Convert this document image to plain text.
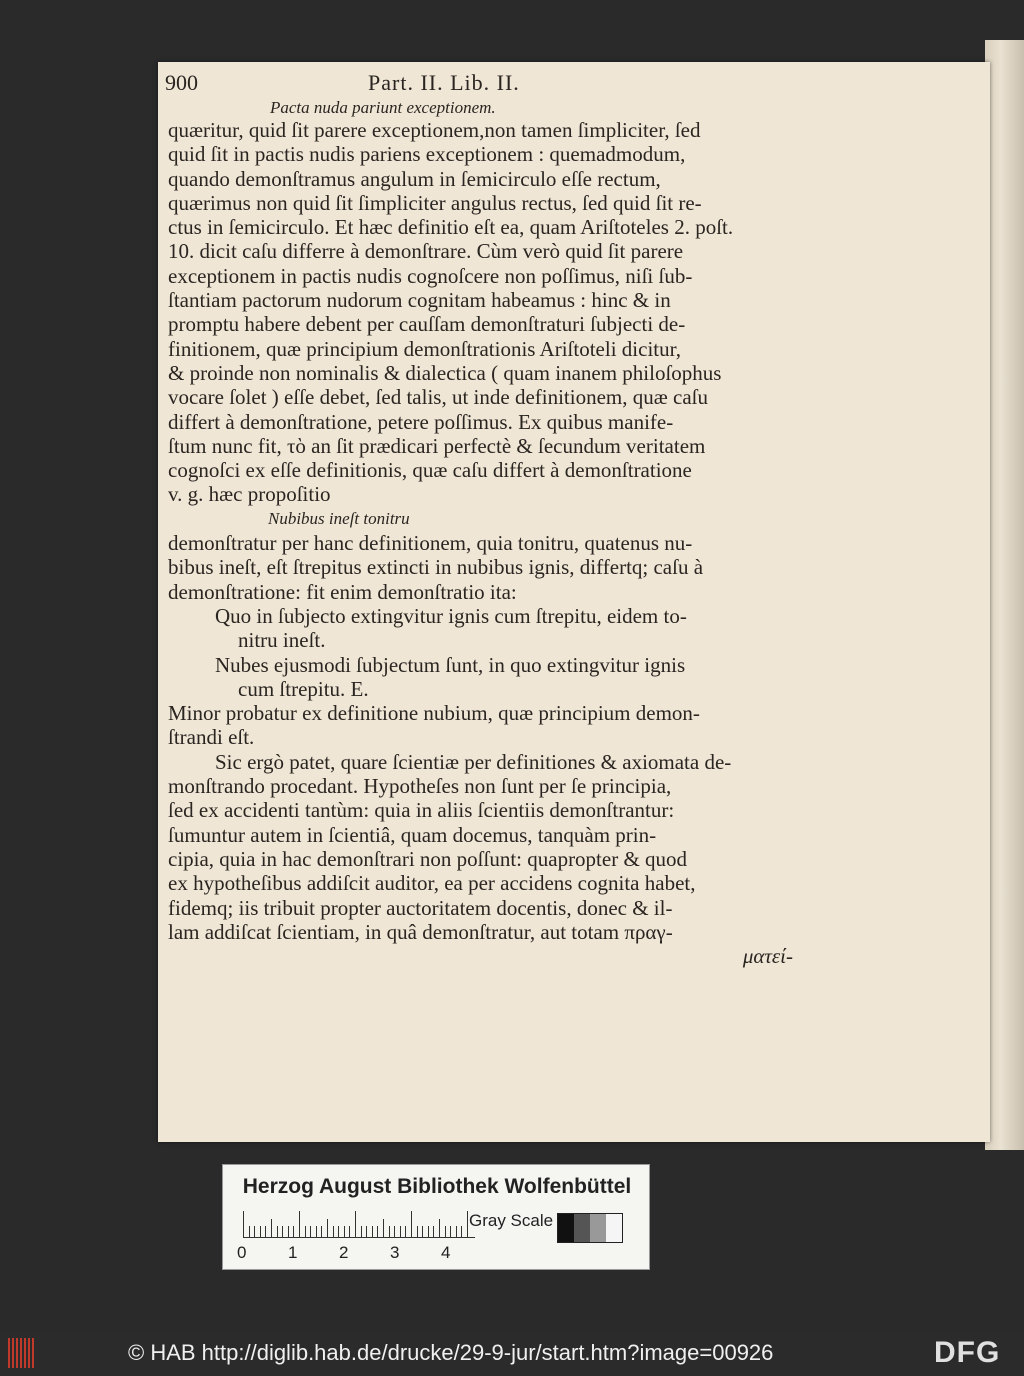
900	Part. II. Lib. II.
Pacta nuda pariunt exceptionem.
quæritur, quid ſit parere exceptionem,non tamen ſimpliciter, ſed
quid ſit in pactis nudis pariens exceptionem : quemadmodum,
quando demonſtramus angulum in ſemicirculo eſſe rectum,
quærimus non quid ſit ſimpliciter angulus rectus, ſed quid ſit re-
ctus in ſemicirculo. Et hæc definitio eſt ea, quam Ariſtoteles 2. poſt.
10. dicit caſu differre à demonſtrare. Cùm verò quid ſit parere
exceptionem in pactis nudis cognoſcere non poſſimus, niſi ſub-
ſtantiam pactorum nudorum cognitam habeamus : hinc & in
promptu habere debent per cauſſam demonſtraturi ſubjecti de-
finitionem, quæ principium demonſtrationis Ariſtoteli dicitur,
& proinde non nominalis & dialectica ( quam inanem philoſophus
vocare ſolet ) eſſe debet, ſed talis, ut inde definitionem, quæ caſu
differt à demonſtratione, petere poſſimus. Ex quibus manife-
ſtum nunc fit, τὸ an ſit prædicari perfectè & ſecundum veritatem
cognoſci ex eſſe definitionis, quæ caſu differt à demonſtratione
v. g. hæc propoſitio
Nubibus ineſt tonitru
demonſtratur per hanc definitionem, quia tonitru, quatenus nu-
bibus ineſt, eſt ſtrepitus extincti in nubibus ignis, differtq; caſu à
demonſtratione: fit enim demonſtratio ita:
Quo in ſubjecto extingvitur ignis cum ſtrepitu, eidem to-
nitru ineſt.
Nubes ejusmodi ſubjectum ſunt, in quo extingvitur ignis
cum ſtrepitu. E.
Minor probatur ex definitione nubium, quæ principium demon-
ſtrandi eſt.
Sic ergò patet, quare ſcientiæ per definitiones & axiomata de-
monſtrando procedant. Hypotheſes non ſunt per ſe principia,
ſed ex accidenti tantùm: quia in aliis ſcientiis demonſtrantur:
ſumuntur autem in ſcientiâ, quam docemus, tanquàm prin-
cipia, quia in hac demonſtrari non poſſunt: quapropter & quod
ex hypotheſibus addiſcit auditor, ea per accidens cognita habet,
fidemq; iis tribuit propter auctoritatem docentis, donec & il-
lam addiſcat ſcientiam, in quâ demonſtratur, aut totam πραγ-
ματεί-
Herzog August Bibliothek Wolfenbüttel
0 1 2 3 4
Gray Scale
© HAB http://diglib.hab.de/drucke/29-9-jur/start.htm?image=00926	DFG
